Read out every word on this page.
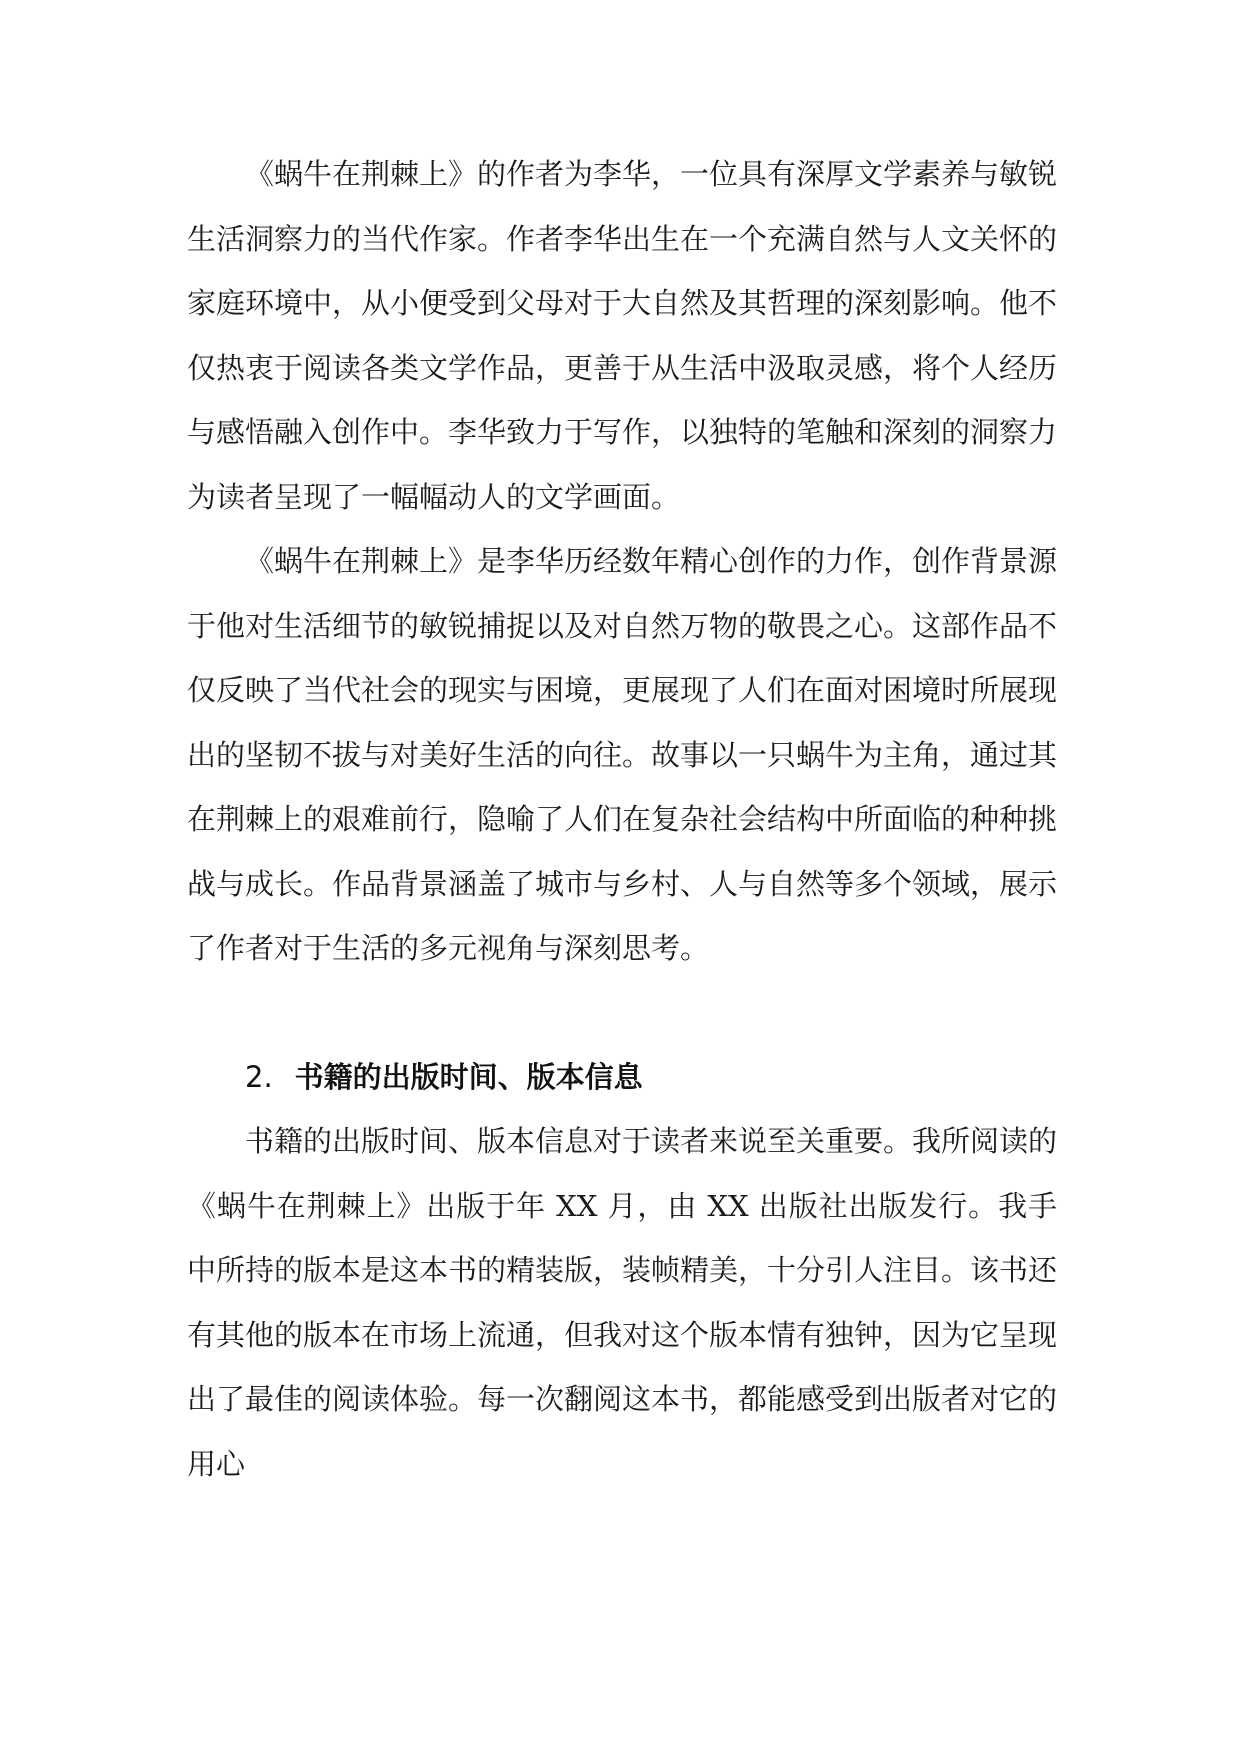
《蜗牛在荆棘上》的作者为李华，一位具有深厚文学素养与敏锐生活洞察力的当代作家。作者李华出生在一个充满自然与人文关怀的家庭环境中，从小便受到父母对于大自然及其哲理的深刻影响。他不仅热衷于阅读各类文学作品，更善于从生活中汲取灵感，将个人经历与感悟融入创作中。李华致力于写作，以独特的笔触和深刻的洞察力为读者呈现了一幅幅动人的文学画面。

《蜗牛在荆棘上》是李华历经数年精心创作的力作，创作背景源于他对生活细节的敏锐捕捉以及对自然万物的敬畏之心。这部作品不仅反映了当代社会的现实与困境，更展现了人们在面对困境时所展现出的坚韧不拔与对美好生活的向往。故事以一只蜗牛为主角，通过其在荆棘上的艰难前行，隐喻了人们在复杂社会结构中所面临的种种挑战与成长。作品背景涵盖了城市与乡村、人与自然等多个领域，展示了作者对于生活的多元视角与深刻思考。

2. 书籍的出版时间、版本信息

书籍的出版时间、版本信息对于读者来说至关重要。我所阅读的《蜗牛在荆棘上》出版于年 XX 月，由 XX 出版社出版发行。我手中所持的版本是这本书的精装版，装帧精美，十分引人注目。该书还有其他的版本在市场上流通，但我对这个版本情有独钟，因为它呈现出了最佳的阅读体验。每一次翻阅这本书，都能感受到出版者对它的用心
